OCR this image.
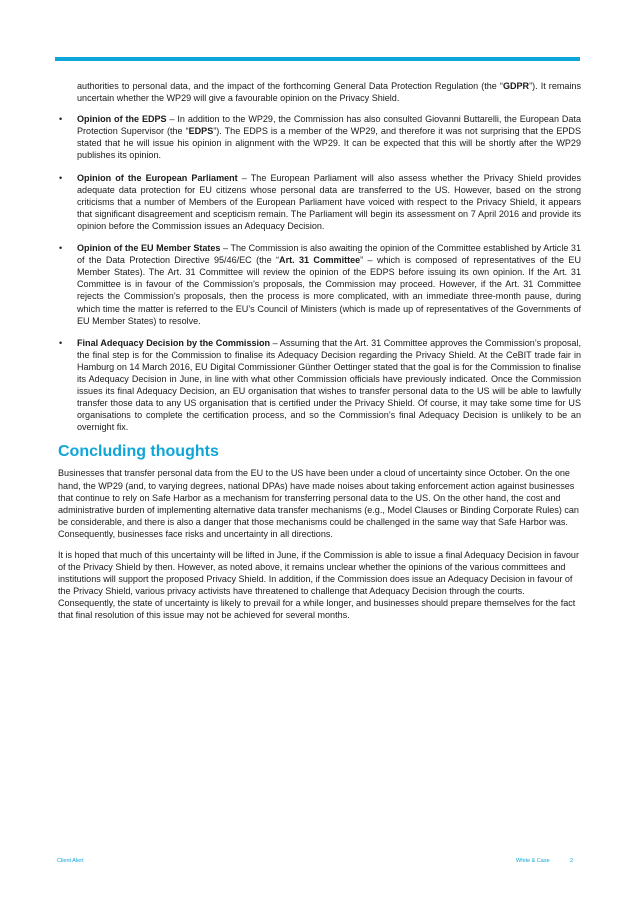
authorities to personal data, and the impact of the forthcoming General Data Protection Regulation (the “GDPR”). It remains uncertain whether the WP29 will give a favourable opinion on the Privacy Shield.

• Opinion of the EDPS – In addition to the WP29, the Commission has also consulted Giovanni Buttarelli, the European Data Protection Supervisor (the “EDPS”). The EDPS is a member of the WP29, and therefore it was not surprising that the EPDS stated that he will issue his opinion in alignment with the WP29. It can be expected that this will be shortly after the WP29 publishes its opinion.
• Opinion of the European Parliament – The European Parliament will also assess whether the Privacy Shield provides adequate data protection for EU citizens whose personal data are transferred to the US. However, based on the strong criticisms that a number of Members of the European Parliament have voiced with respect to the Privacy Shield, it appears that significant disagreement and scepticism remain. The Parliament will begin its assessment on 7 April 2016 and provide its opinion before the Commission issues an Adequacy Decision.
• Opinion of the EU Member States – The Commission is also awaiting the opinion of the Committee established by Article 31 of the Data Protection Directive 95/46/EC (the “Art. 31 Committee” – which is composed of representatives of the EU Member States). The Art. 31 Committee will review the opinion of the EDPS before issuing its own opinion. If the Art. 31 Committee is in favour of the Commission’s proposals, the Commission may proceed. However, if the Art. 31 Committee rejects the Commission’s proposals, then the process is more complicated, with an immediate three-month pause, during which time the matter is referred to the EU’s Council of Ministers (which is made up of representatives of the Governments of EU Member States) to resolve.
• Final Adequacy Decision by the Commission – Assuming that the Art. 31 Committee approves the Commission’s proposal, the final step is for the Commission to finalise its Adequacy Decision regarding the Privacy Shield. At the CeBIT trade fair in Hamburg on 14 March 2016, EU Digital Commissioner Günther Oettinger stated that the goal is for the Commission to finalise its Adequacy Decision in June, in line with what other Commission officials have previously indicated. Once the Commission issues its final Adequacy Decision, an EU organisation that wishes to transfer personal data to the US will be able to lawfully transfer those data to any US organisation that is certified under the Privacy Shield. Of course, it may take some time for US organisations to complete the certification process, and so the Commission’s final Adequacy Decision is unlikely to be an overnight fix.
Concluding thoughts

Businesses that transfer personal data from the EU to the US have been under a cloud of uncertainty since October. On the one hand, the WP29 (and, to varying degrees, national DPAs) have made noises about taking enforcement action against businesses that continue to rely on Safe Harbor as a mechanism for transferring personal data to the US. On the other hand, the cost and administrative burden of implementing alternative data transfer mechanisms (e.g., Model Clauses or Binding Corporate Rules) can be considerable, and there is also a danger that those mechanisms could be challenged in the same way that Safe Harbor was. Consequently, businesses face risks and uncertainty in all directions.

It is hoped that much of this uncertainty will be lifted in June, if the Commission is able to issue a final Adequacy Decision in favour of the Privacy Shield by then. However, as noted above, it remains unclear whether the opinions of the various committees and institutions will support the proposed Privacy Shield. In addition, if the Commission does issue an Adequacy Decision in favour of the Privacy Shield, various privacy activists have threatened to challenge that Adequacy Decision through the courts. Consequently, the state of uncertainty is likely to prevail for a while longer, and businesses should prepare themselves for the fact that final resolution of this issue may not be achieved for several months.

Client Alert	White & Case	2
